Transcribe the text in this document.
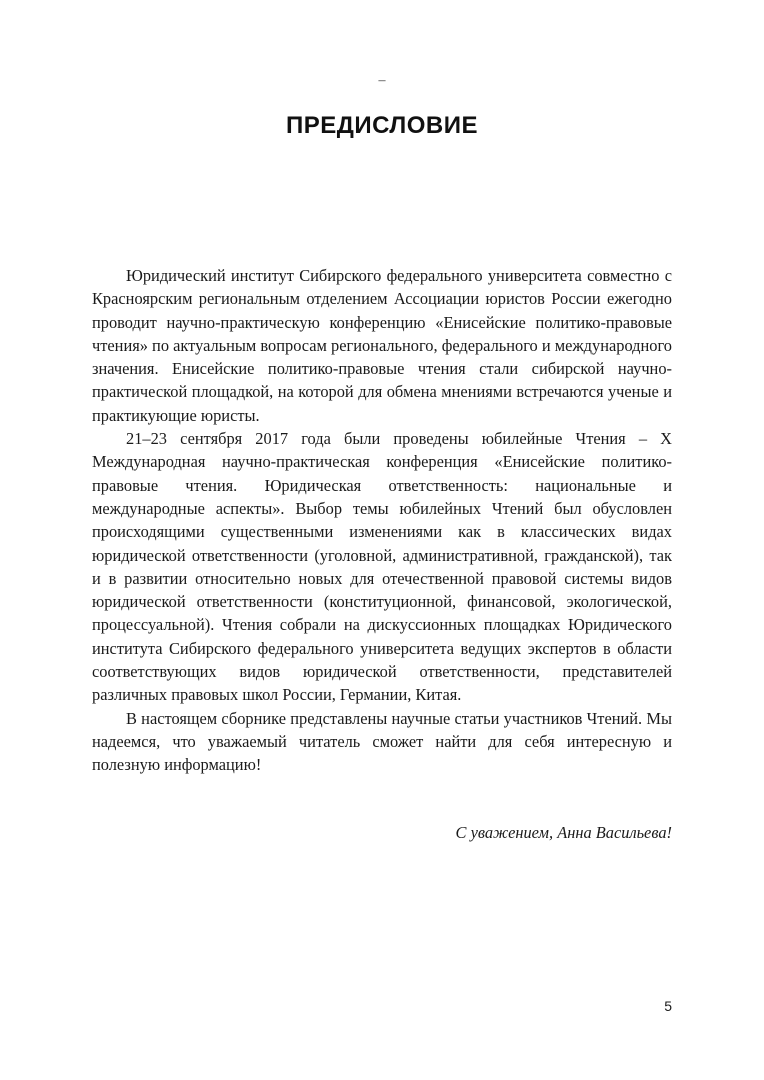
–
ПРЕДИСЛОВИЕ

Юридический институт Сибирского федерального университета совместно с Красноярским региональным отделением Ассоциации юристов России ежегодно проводит научно-практическую конференцию «Енисейские политико-правовые чтения» по актуальным вопросам регионального, федерального и международного значения. Енисейские политико-правовые чтения стали сибирской научно-практической площадкой, на которой для обмена мнениями встречаются ученые и практикующие юристы.

21–23 сентября 2017 года были проведены юбилейные Чтения – X Международная научно-практическая конференция «Енисейские политико-правовые чтения. Юридическая ответственность: национальные и международные аспекты». Выбор темы юбилейных Чтений был обусловлен происходящими существенными изменениями как в классических видах юридической ответственности (уголовной, административной, гражданской), так и в развитии относительно новых для отечественной правовой системы видов юридической ответственности (конституционной, финансовой, экологической, процессуальной). Чтения собрали на дискуссионных площадках Юридического института Сибирского федерального университета ведущих экспертов в области соответствующих видов юридической ответственности, представителей различных правовых школ России, Германии, Китая.

В настоящем сборнике представлены научные статьи участников Чтений. Мы надеемся, что уважаемый читатель сможет найти для себя интересную и полезную информацию!

С уважением, Анна Васильева!
5
